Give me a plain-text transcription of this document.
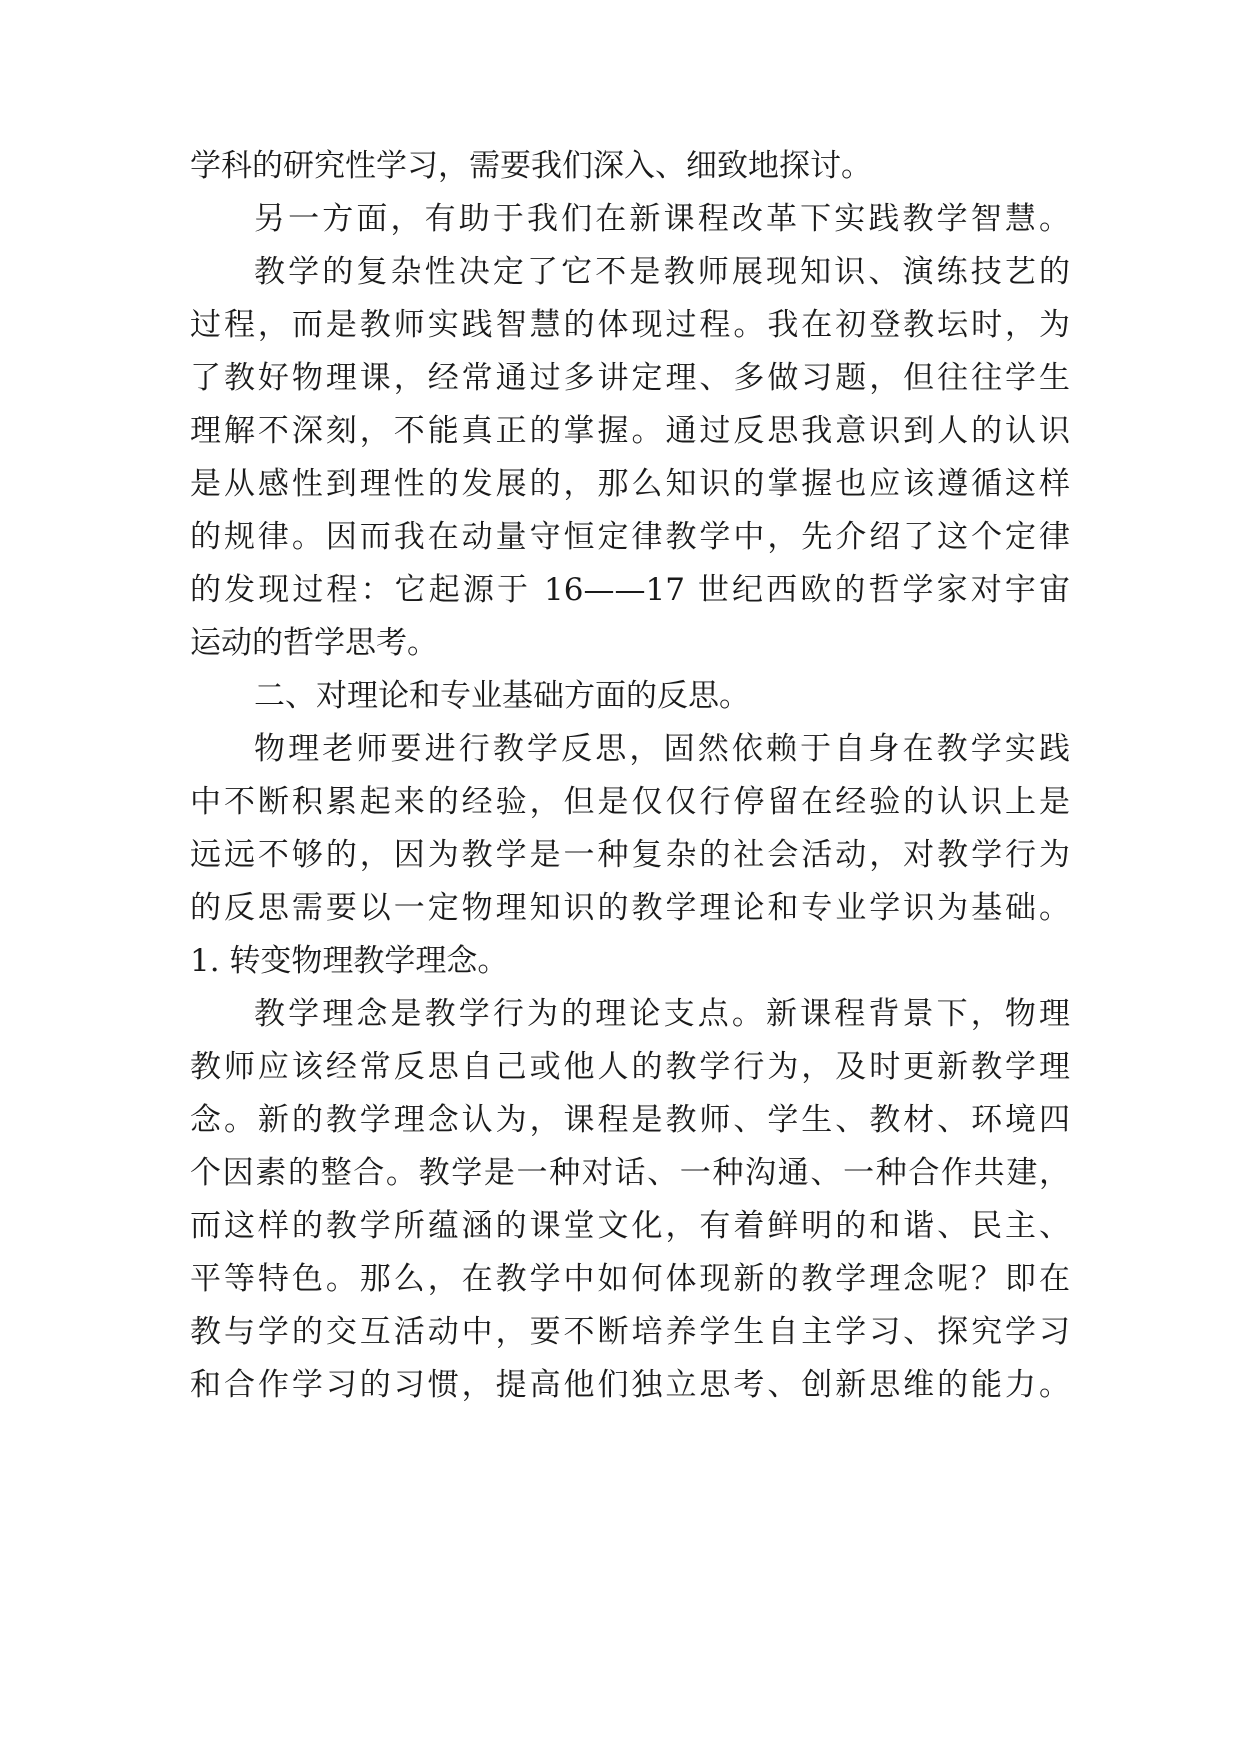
学科的研究性学习，需要我们深入、细致地探讨。
另一方面，有助于我们在新课程改革下实践教学智慧。
教学的复杂性决定了它不是教师展现知识、演练技艺的
过程，而是教师实践智慧的体现过程。我在初登教坛时，为
了教好物理课，经常通过多讲定理、多做习题，但往往学生
理解不深刻，不能真正的掌握。通过反思我意识到人的认识
是从感性到理性的发展的，那么知识的掌握也应该遵循这样
的规律。因而我在动量守恒定律教学中，先介绍了这个定律
的发现过程：它起源于 16——17 世纪西欧的哲学家对宇宙
运动的哲学思考。
二、对理论和专业基础方面的反思。
物理老师要进行教学反思，固然依赖于自身在教学实践
中不断积累起来的经验，但是仅仅行停留在经验的认识上是
远远不够的，因为教学是一种复杂的社会活动，对教学行为
的反思需要以一定物理知识的教学理论和专业学识为基础。
1. 转变物理教学理念。
教学理念是教学行为的理论支点。新课程背景下，物理
教师应该经常反思自己或他人的教学行为，及时更新教学理
念。新的教学理念认为，课程是教师、学生、教材、环境四
个因素的整合。教学是一种对话、一种沟通、一种合作共建，
而这样的教学所蕴涵的课堂文化，有着鲜明的和谐、民主、
平等特色。那么，在教学中如何体现新的教学理念呢？即在
教与学的交互活动中，要不断培养学生自主学习、探究学习
和合作学习的习惯，提高他们独立思考、创新思维的能力。
